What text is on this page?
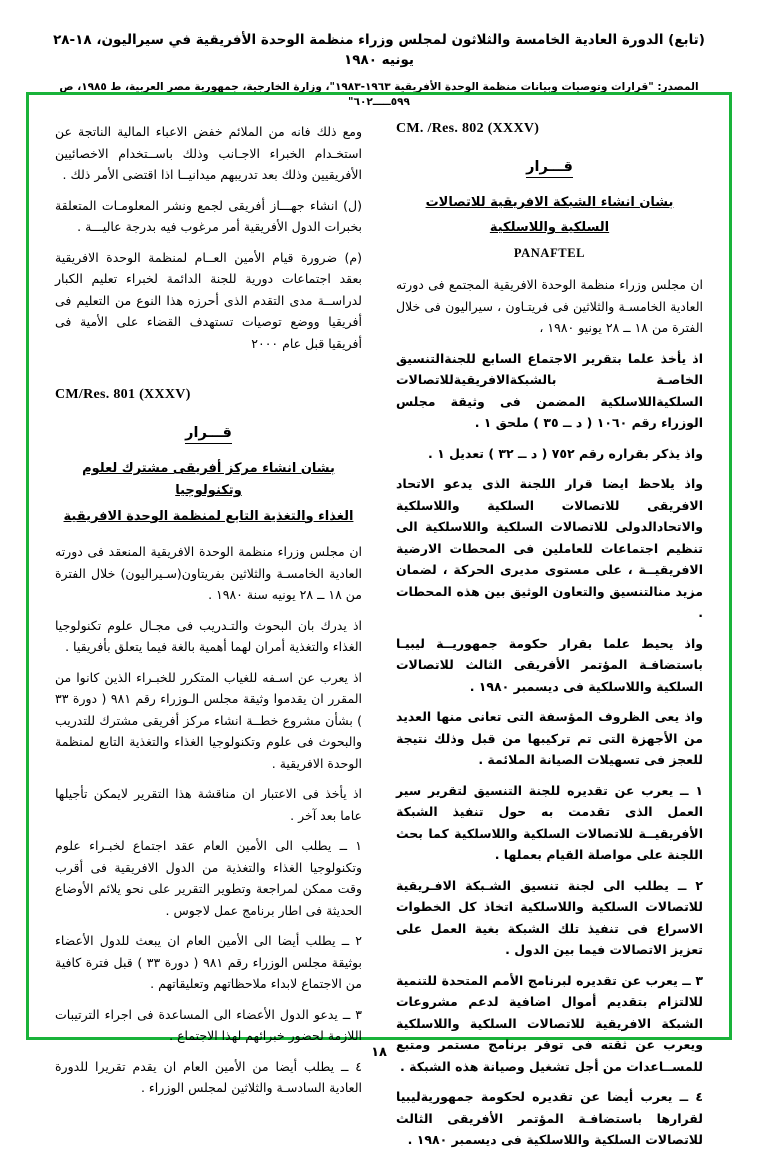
(تابع) الدورة العادية الخامسة والثلاثون لمجلس وزراء منظمة الوحدة الأفريقية في سيراليون، ١٨-٢٨ يونيه ١٩٨٠
المصدر: "قرارات وتوصيات وبيانات منظمة الوحدة الأفريقية ١٩٦٣-١٩٨٣"، وزارة الخارجية، جمهورية مصر العربية، ط ١٩٨٥، ص ٥٩٩ـــــ٦٠٢"
CM. /Res. 802 (XXXV)
قـــرار
بشان انشاء الشبكة الافريقية للاتصالات
السلكية واللاسلكية
PANAFTEL

ان مجلس وزراء منظمة الوحدة الافريقية المجتمع فى دورته العادية الخامسـة والثلاثين فى فريتـاون ، سيراليون فى خلال الفترة من ١٨ ــ ٢٨ يونيو ١٩٨٠ ،

اذ يأخذ علما بتقرير الاجتماع السابع للجنةالتنسيق الخاصـة بالشبكةالافريقيةللاتصالات السلكيةاللاسلكية المضمن فى وثيقة مجلس الوزراء رقم ١٠٦٠ ( د ــ ٣٥ ) ملحق ١ .

واذ يذكر بقراره رقم ٧٥٢ ( د ــ ٣٢ ) تعديل ١ .

واذ يلاحظ ايضا قرار اللجنة الذى يدعو الاتحاد الافريقى للاتصالات السلكية واللاسلكية والاتحادالدولى للاتصالات السلكية واللاسلكية الى تنظيم اجتماعات للعاملين فى المحطات الارضية الافريقيــة ، على مستوى مديرى الحركة ، لضمان مزيد منالتنسيق والتعاون الوثيق بين هذه المحطات .

واذ يحيط علما بقرار حكومة جمهوريــة ليبيـا باستضافـة المؤتمر الأفريقى الثالث للاتصالات السلكية واللاسلكية فى ديسمبر ١٩٨٠ .

واذ يعى الظروف المؤسفة التى تعانى منها العديد من الأجهزة التى تم تركيبها من قبل وذلك نتيجة للعجز فى تسهيلات الصيانة الملائمة .

١ ــ يعرب عن تقديره للجنة التنسيق لتقرير سير العمل الذى تقدمت به حول تنفيذ الشبكة الأفريقيــة للاتصالات السلكية واللاسلكية كما بحث اللجنة على مواصلة القيام بعملها .

٢ ــ يطلب الى لجنة تنسيق الشـبكة الافـريقية للاتصالات السلكية واللاسلكية اتخاذ كل الخطوات الاسراع فى تنفيذ تلك الشبكة بغية العمل على تعزيز الاتصالات فيما بين الدول .

٣ ــ يعرب عن تقديره لبرنامج الأمم المتحدة للتنمية للالتزام بتقديم أموال اضافية لدعم مشروعات الشبكة الافريقية للاتصالات السلكية واللاسلكية ويعرب عن ثقته فى توفر برنامج مستمر ومتبع للمســاعدات من أجل تشغيل وصيانة هذه الشبكة .

٤ ــ يعرب أيضا عن تقديره لحكومة جمهوريةليبيا لقرارها باستضافـة المؤتمر الأفريقى الثالث للاتصالات السلكية واللاسلكية فى ديسمبر ١٩٨٠ .

ومع ذلك فانه من الملائم خفض الاعباء المالية الناتجة عن استخـدام الخبراء الاجـانب وذلك باســتخدام الاخصائيين الأفريقيين وذلك بعد تدريبهم ميدانيــا اذا اقتضى الأمر ذلك .

(ل) انشاء جهـــاز أفريقى لجمع ونشر المعلومـات المتعلقة بخبرات الدول الأفريقية أمر مرغوب فيه بدرجة عاليـــة .

(م) ضرورة قيام الأمين العــام لمنظمة الوحدة الافريقية بعقد اجتماعات دورية للجنة الدائمة لخبراء تعليم الكبار لدراســة مدى التقدم الذى أحرزه هذا النوع من التعليم فى أفريقيا ووضع توصيات تستهدف القضاء على الأمية فى أفريقيا قبل عام ٢٠٠٠

CM/Res. 801 (XXXV)
قـــرار
بشان انشاء مركز أفريقى مشترك لعلوم وتكنولوجيا
الغذاء والتغذية التابع لمنظمة الوحدة الافريقية

ان مجلس وزراء منظمة الوحدة الافريقية المنعقد فى دورته العادية الخامسـة والثلاثين بفريتاون(سـيراليون) خلال الفترة من ١٨ ــ ٢٨ يونيه سنة ١٩٨٠ .

اذ يدرك بان البحوث والتـدريب فى مجـال علوم تكنولوجيا الغذاء والتغذية أمران لهما أهمية بالغة فيما يتعلق بأفريقيا .

اذ يعرب عن اسـفه للغياب المتكرر للخبـراء الذين كانوا من المقرر ان يقدموا وثيقة مجلس الـوزراء رقم ٩٨١ ( دورة ٣٣ ) بشأن مشروع خطــة انشاء مركز أفريقى مشترك للتدريب والبحوث فى علوم وتكنولوجيا الغذاء والتغذية التابع لمنظمة الوحدة الافريقية .

اذ يأخذ فى الاعتبار ان مناقشة هذا التقرير لايمكن تأجيلها عاما بعد آخر .

١ ــ يطلب الى الأمين العام عقد اجتماع لخبـراء علوم وتكنولوجيا الغذاء والتغذية من الدول الافريقية فى أقرب وقت ممكن لمراجعة وتطوير التقرير على نحو يلائم الأوضاع الحديثة فى اطار برنامج عمل لاجوس .

٢ ــ يطلب أيضا الى الأمين العام ان يبعث للدول الأعضاء بوثيقة مجلس الوزراء رقم ٩٨١ ( دورة ٣٣ ) قبل فترة كافية من الاجتماع لابداء ملاحظاتهم وتعليقاتهم .

٣ ــ يدعو الدول الأعضاء الى المساعدة فى اجراء الترتيبات اللازمة لحضور خبرائهم لهذا الاجتماع .

٤ ــ يطلب أيضا من الأمين العام ان يقدم تقريرا للدورة العادية السادسـة والثلاثين لمجلس الوزراء .

١٨
